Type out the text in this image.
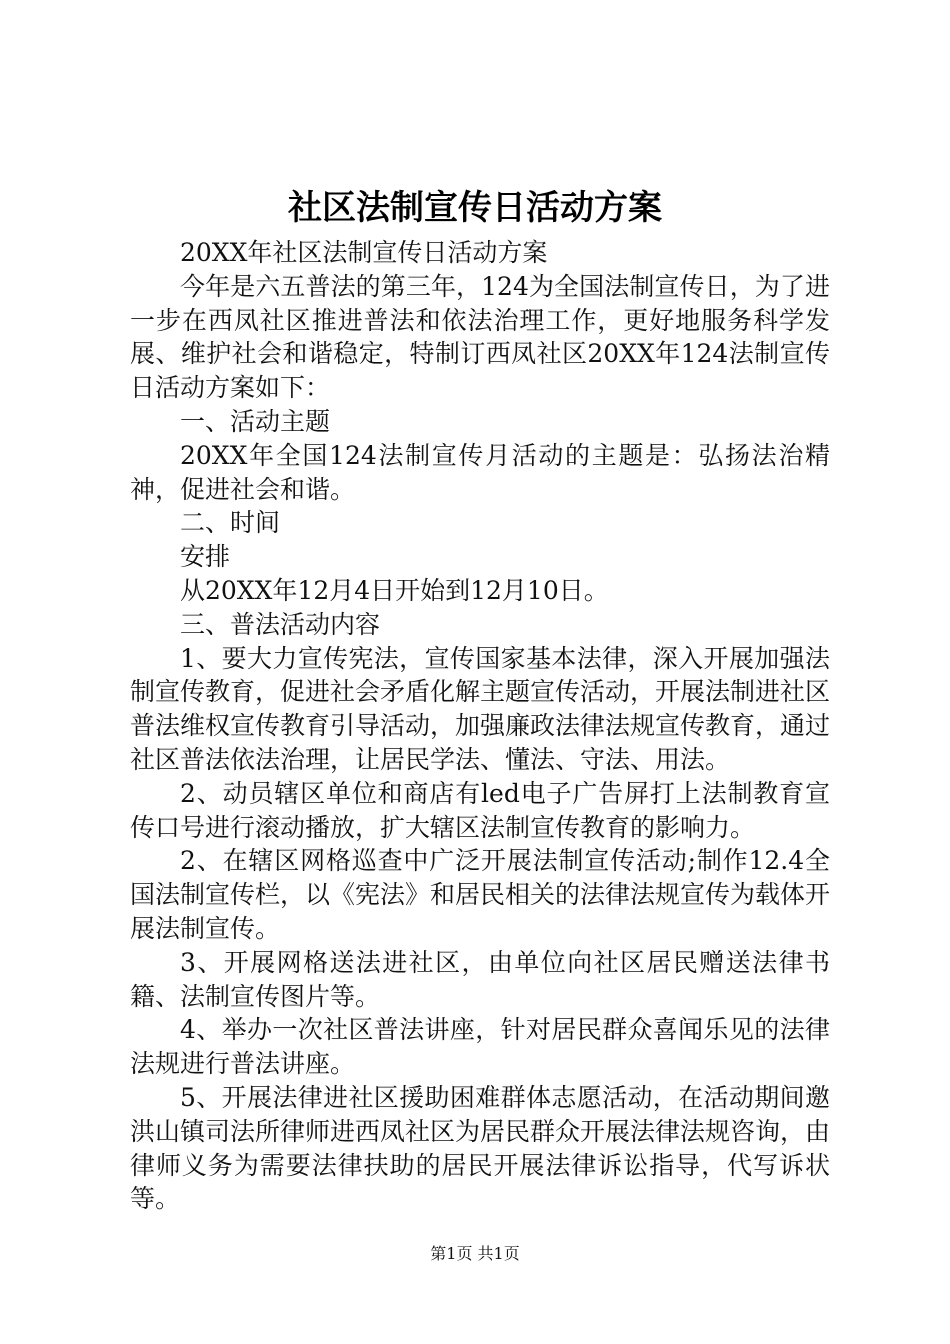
社区法制宣传日活动方案

20XX年社区法制宣传日活动方案

今年是六五普法的第三年，124为全国法制宣传日，为了进一步在西凤社区推进普法和依法治理工作，更好地服务科学发展、维护社会和谐稳定，特制订西凤社区20XX年124法制宣传日活动方案如下：

一、活动主题

20XX年全国124法制宣传月活动的主题是：弘扬法治精神，促进社会和谐。

二、时间

安排

从20XX年12月4日开始到12月10日。

三、普法活动内容

1、要大力宣传宪法，宣传国家基本法律，深入开展加强法制宣传教育，促进社会矛盾化解主题宣传活动，开展法制进社区普法维权宣传教育引导活动，加强廉政法律法规宣传教育，通过社区普法依法治理，让居民学法、懂法、守法、用法。

2、动员辖区单位和商店有led电子广告屏打上法制教育宣传口号进行滚动播放，扩大辖区法制宣传教育的影响力。

2、在辖区网格巡查中广泛开展法制宣传活动;制作12.4全国法制宣传栏，以《宪法》和居民相关的法律法规宣传为载体开展法制宣传。

3、开展网格送法进社区，由单位向社区居民赠送法律书籍、法制宣传图片等。

4、举办一次社区普法讲座，针对居民群众喜闻乐见的法律法规进行普法讲座。

5、开展法律进社区援助困难群体志愿活动，在活动期间邀洪山镇司法所律师进西凤社区为居民群众开展法律法规咨询，由律师义务为需要法律扶助的居民开展法律诉讼指导，代写诉状等。

第1页 共1页
